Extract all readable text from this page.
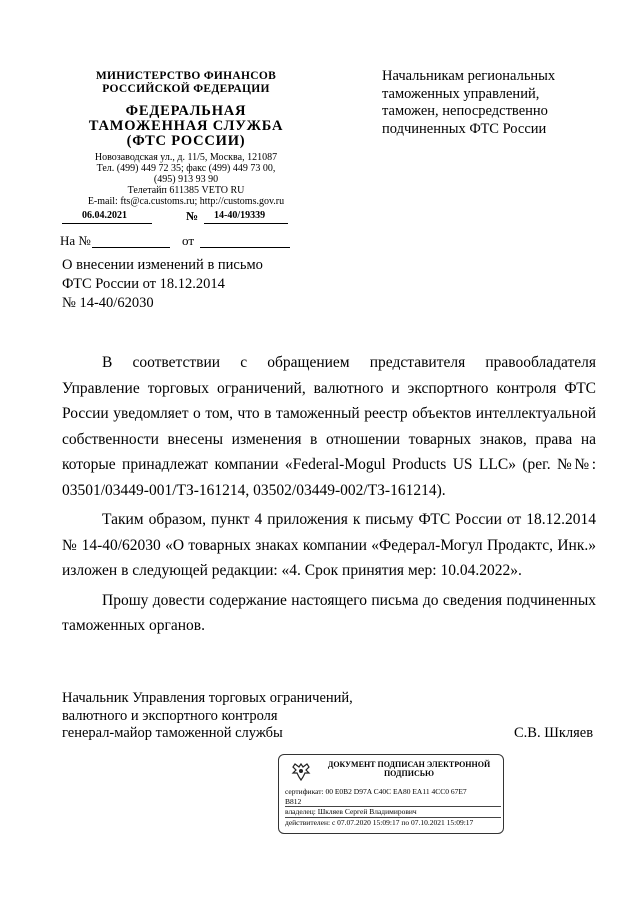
МИНИСТЕРСТВО ФИНАНСОВ
РОССИЙСКОЙ ФЕДЕРАЦИИ
ФЕДЕРАЛЬНАЯ
ТАМОЖЕННАЯ СЛУЖБА
(ФТС РОССИИ)
Новозаводская ул., д. 11/5, Москва, 121087
Тел. (499) 449 72 35; факс (499) 449 73 00,
(495) 913 93 90
Телетайп 611385 VETO RU
E-mail: fts@ca.customs.ru; http://customs.gov.ru
06.04.2021	№ 14-40/19339
На №	от
О внесении изменений в письмо
ФТС России от 18.12.2014
№ 14-40/62030
Начальникам региональных
таможенных управлений,
таможен, непосредственно
подчиненных ФТС России

В соответствии с обращением представителя правообладателя Управление торговых ограничений, валютного и экспортного контроля ФТС России уведомляет о том, что в таможенный реестр объектов интеллектуальной собственности внесены изменения в отношении товарных знаков, права на которые принадлежат компании «Federal-Mogul Products US LLC» (рег. №№: 03501/03449-001/ТЗ-161214, 03502/03449-002/ТЗ-161214).

Таким образом, пункт 4 приложения к письму ФТС России от 18.12.2014 № 14-40/62030 «О товарных знаках компании «Федерал-Могул Продактс, Инк.» изложен в следующей редакции: «4. Срок принятия мер: 10.04.2022».

Прошу довести содержание настоящего письма до сведения подчиненных таможенных органов.

Начальник Управления торговых ограничений,
валютного и экспортного контроля
генерал-майор таможенной службы	С.В. Шкляев
ДОКУМЕНТ ПОДПИСАН ЭЛЕКТРОННОЙ
ПОДПИСЬЮ
сертификат: 00 E0B2 D97A C40C EA80 EA11 4CC0 67E7
B812
владелец: Шкляев Сергей Владимирович
действителен: с 07.07.2020 15:09:17 по 07.10.2021 15:09:17
